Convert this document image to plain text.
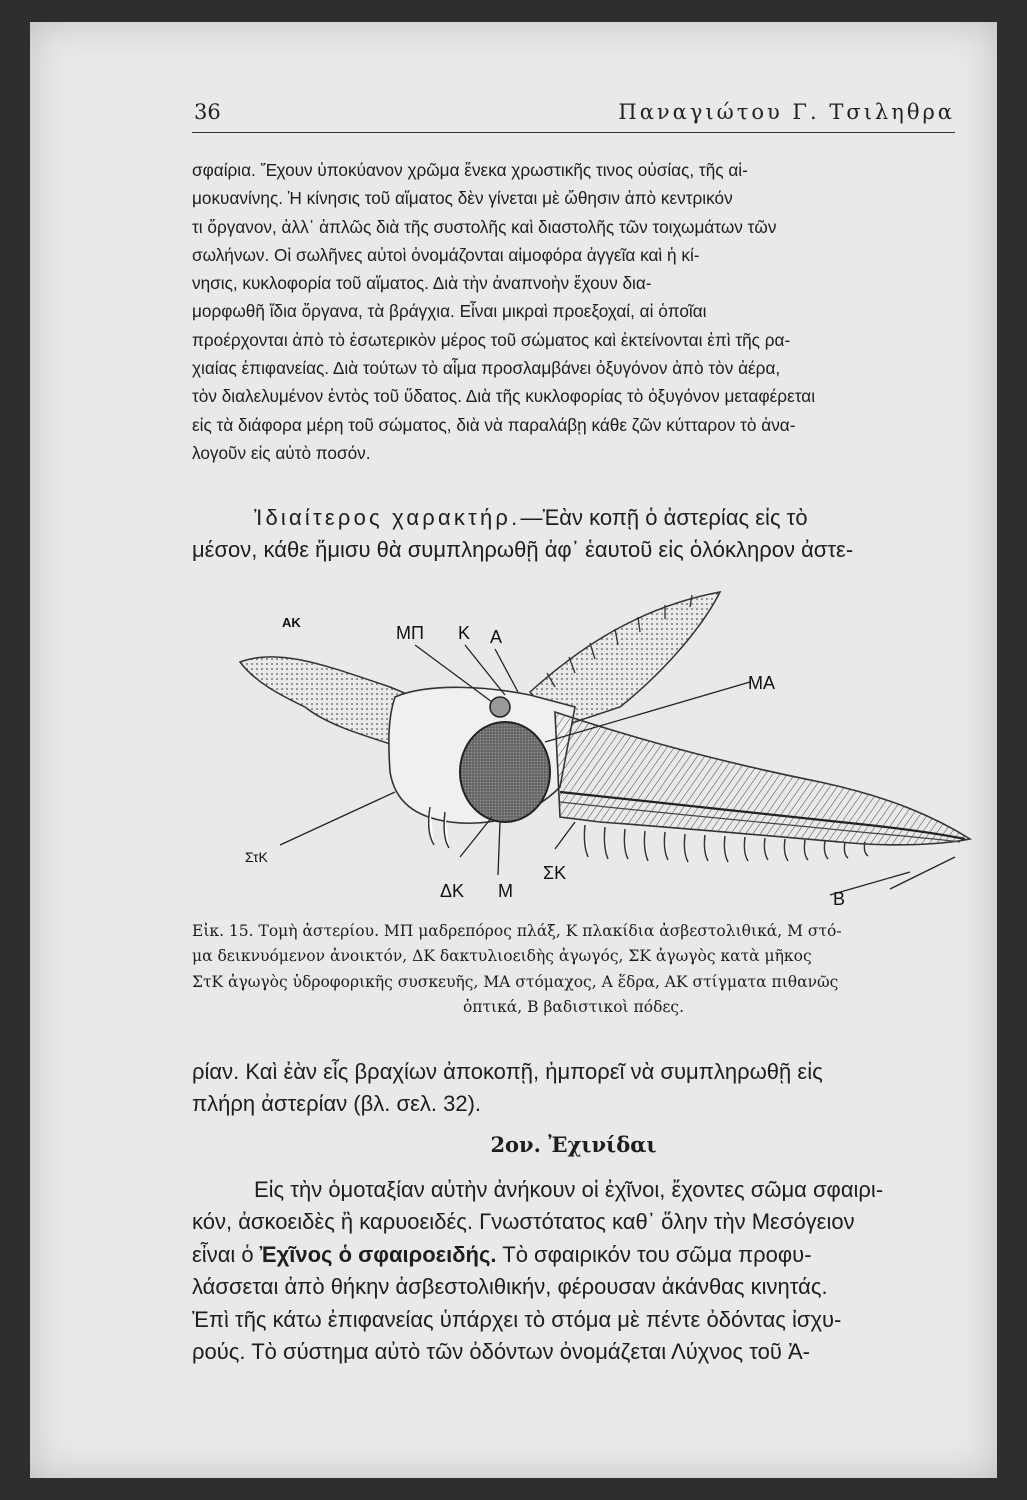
36	Παναγιώτου Γ. Τσιληθρα

σφαίρια. Ἔχουν ὑποκύανον χρῶμα ἕνεκα χρωστικῆς τινος οὐσίας, τῆς αἱ-

μοκυανίνης. Ἡ κίνησις τοῦ αἵματος δὲν γίνεται μὲ ὤθησιν ἀπὸ κεντρικόν

τι ὄργανον, ἀλλ᾿ ἁπλῶς διὰ τῆς συστολῆς καὶ διαστολῆς τῶν τοιχωμάτων τῶν

σωλήνων. Οἱ σωλῆνες αὐτοὶ ὀνομάζονται αἱμοφόρα ἀγγεῖα καὶ ἡ κί-

νησις, κυκλοφορία τοῦ αἵματος. Διὰ τὴν ἀναπνοὴν ἔχουν δια-

μορφωθῆ ἴδια ὄργανα, τὰ βράγχια. Εἶναι μικραὶ προεξοχαί, αἱ ὁποῖαι

προέρχονται ἀπὸ τὸ ἐσωτερικὸν μέρος τοῦ σώματος καὶ ἐκτείνονται ἐπὶ τῆς ρα-

χιαίας ἐπιφανείας. Διὰ τούτων τὸ αἷμα προσλαμβάνει ὀξυγόνον ἀπὸ τὸν ἀέρα,

τὸν διαλελυμένον ἐντὸς τοῦ ὕδατος. Διὰ τῆς κυκλοφορίας τὸ ὀξυγόνον μεταφέρεται

εἰς τὰ διάφορα μέρη τοῦ σώματος, διὰ νὰ παραλάβῃ κάθε ζῶν κύτταρον τὸ ἀνα-

λογοῦν εἰς αὐτὸ ποσόν.

Ἰδιαίτερος χαρακτήρ.—Ἐὰν κοπῇ ὁ ἀστερίας εἰς τὸ

μέσον, κάθε ἥμισυ θὰ συμπληρωθῇ ἀφ᾿ ἑαυτοῦ εἰς ὁλόκληρον ἀστε-

ΑΚ
ΜΠ Κ Α
ΜΑ
ΣτΚ
ΔΚ Μ
ΣΚ
Β

Εἰκ. 15. Τομὴ ἀστερίου. ΜΠ μαδρεπόρος πλάξ, Κ πλακίδια ἀσβεστολιθικά, Μ στό-

μα δεικνυόμενον ἀνοικτόν, ΔΚ δακτυλιοειδὴς ἀγωγός, ΣΚ ἀγωγὸς κατὰ μῆκος

ΣτΚ ἀγωγὸς ὑδροφορικῆς συσκευῆς, ΜΑ στόμαχος, Α ἕδρα, ΑΚ στίγματα πιθανῶς

ὀπτικά, Β βαδιστικοὶ πόδες.

ρίαν. Καὶ ἐὰν εἷς βραχίων ἀποκοπῇ, ἠμπορεῖ νὰ συμπληρωθῇ εἰς

πλήρη ἀστερίαν (βλ. σελ. 32).

2ον. Ἐχινίδαι

Εἰς τὴν ὁμοταξίαν αὐτὴν ἀνήκουν οἱ ἐχῖνοι, ἔχοντες σῶμα σφαιρι-

κόν, ἀσκοειδὲς ἢ καρυοειδές. Γνωστότατος καθ᾿ ὅλην τὴν Μεσόγειον

εἶναι ὁ Ἐχῖνος ὁ σφαιροειδής. Τὸ σφαιρικόν του σῶμα προφυ-

λάσσεται ἀπὸ θήκην ἀσβεστολιθικήν, φέρουσαν ἀκάνθας κινητάς.

Ἐπὶ τῆς κάτω ἐπιφανείας ὑπάρχει τὸ στόμα μὲ πέντε ὀδόντας ἰσχυ-

ρούς. Τὸ σύστημα αὐτὸ τῶν ὀδόντων ὀνομάζεται Λύχνος τοῦ Ἀ-
